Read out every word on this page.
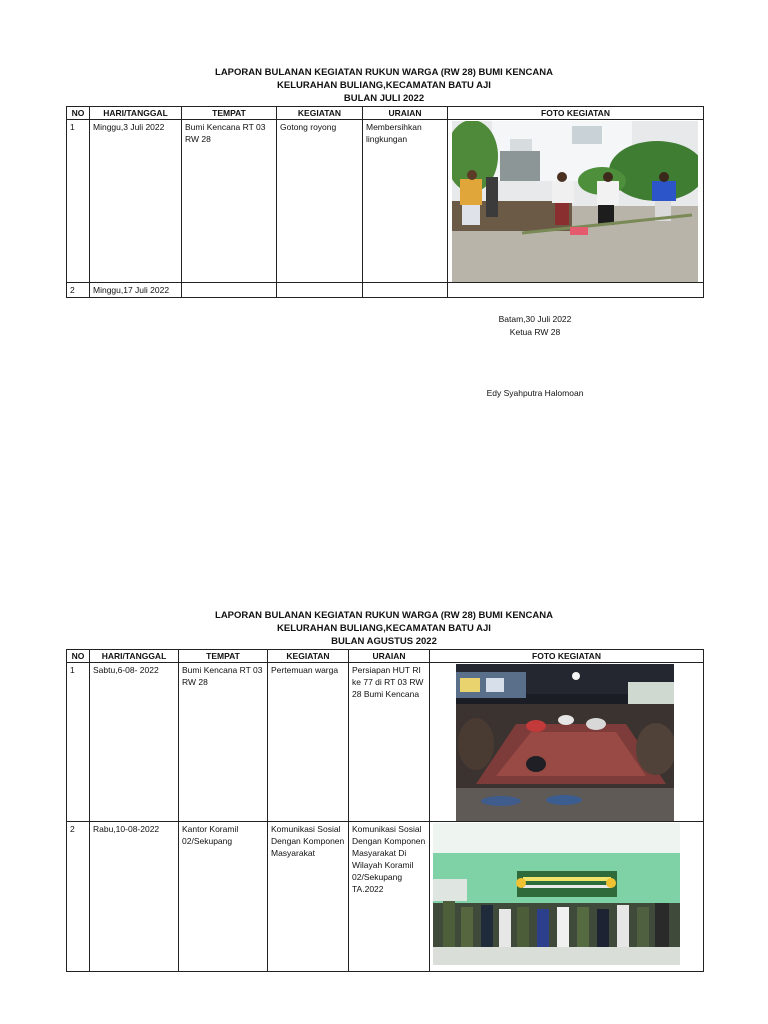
LAPORAN BULANAN KEGIATAN RUKUN WARGA (RW 28) BUMI KENCANA
KELURAHAN BULIANG,KECAMATAN BATU AJI
BULAN JULI 2022
NO	HARI/TANGGAL	TEMPAT	KEGIATAN	URAIAN	FOTO KEGIATAN
1	Minggu,3 Juli 2022	Bumi Kencana RT 03 RW 28	Gotong royong	Membersihkan lingkungan	

2	Minggu,17 Juli 2022				
Batam,30 Juli 2022
Ketua RW 28
Edy Syahputra Halomoan
LAPORAN BULANAN KEGIATAN RUKUN WARGA (RW 28) BUMI KENCANA
KELURAHAN BULIANG,KECAMATAN BATU AJI
BULAN AGUSTUS 2022
NO	HARI/TANGGAL	TEMPAT	KEGIATAN	URAIAN	FOTO KEGIATAN
1	Sabtu,6-08- 2022	Bumi Kencana RT 03 RW 28	Pertemuan warga	Persiapan HUT RI ke 77 di RT 03 RW 28 Bumi Kencana	

2	Rabu,10-08-2022	Kantor Koramil 02/Sekupang	Komunikasi Sosial Dengan Komponen Masyarakat	Komunikasi Sosial Dengan Komponen Masyarakat Di Wilayah Koramil 02/Sekupang TA.2022	
